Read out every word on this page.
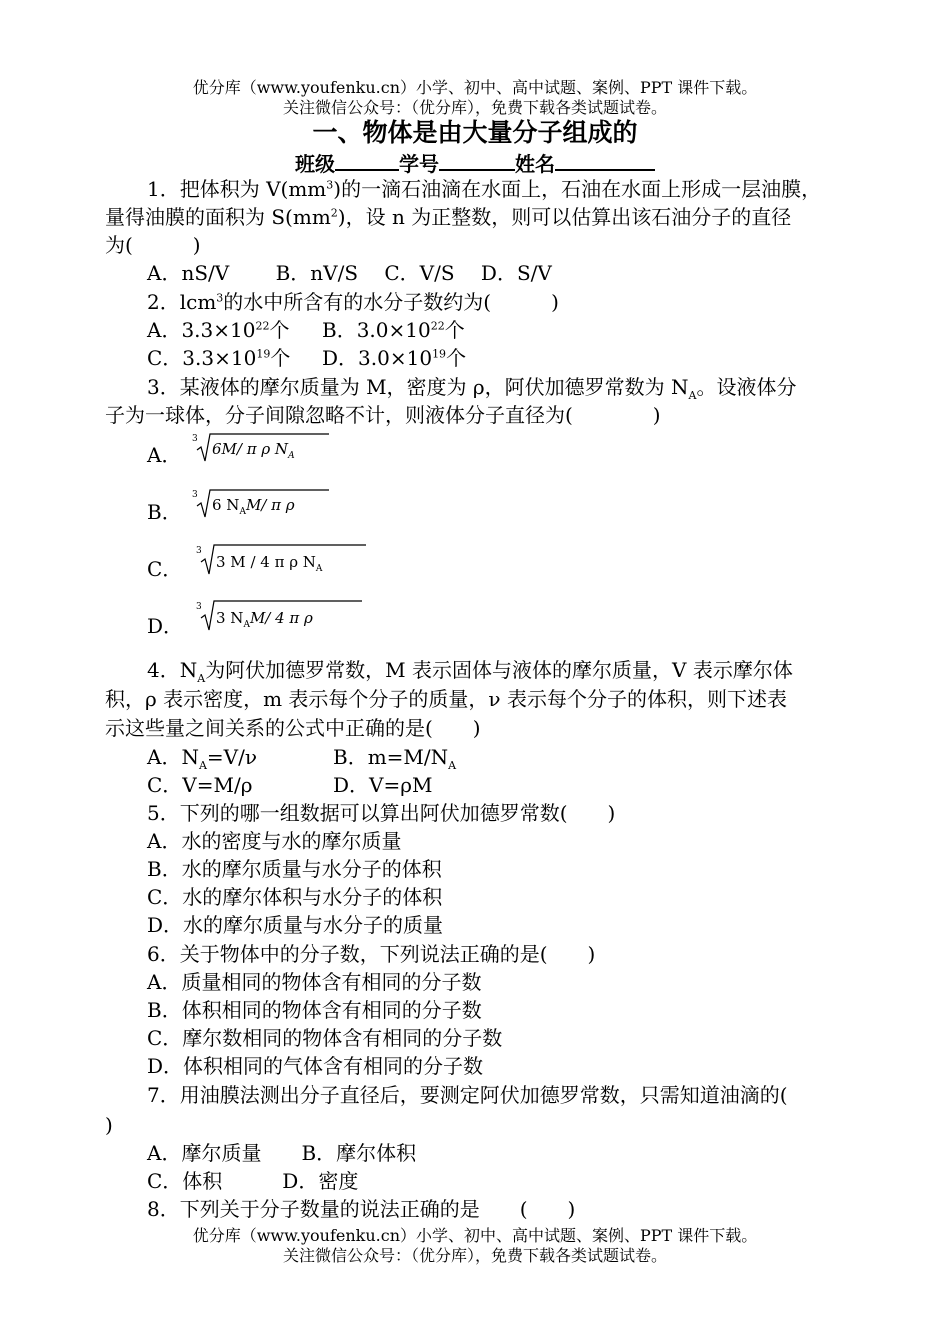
优分库（www.youfenku.cn）小学、初中、高中试题、案例、PPT 课件下载。
关注微信公众号：（优分库），免费下载各类试题试卷。
一、物体是由大量分子组成的
班级	学号	姓名
1．把体积为 $V(mm^3)$的一滴石油滴在水面上，石油在水面上形成一层油膜，
量得油膜的面积为 $S(mm^2)$，设 n 为正整数，则可以估算出该石油分子的直径
为(　　　)
A．nS/V　　 B．nV/S　 C．V/S　 D．S/V
2．lcm$^3$的水中所含有的水分子数约为(　　　)
A．$3.3\times 10^{22}$个 B．$3.0\times 10^{22}$个
C．$3.3\times 10^{19}$个 D．$3.0\times 10^{19}$个
3．某液体的摩尔质量为 M，密度为 ρ，阿伏加德罗常数为 $N_A$。设液体分
子为一球体，分子间隙忽略不计，则液体分子直径为(　　　　)
A．
3
6M/ π ρ $N_A$
B．
3
6 $N_AM/$ π ρ
C．
3
3 M / 4 π ρ $N_A$
D．
3
3 $N_AM/$ 4 π ρ
4．$N_A$为阿伏加德罗常数，M 表示固体与液体的摩尔质量，V 表示摩尔体
积，ρ 表示密度，m 表示每个分子的质量，ν 表示每个分子的体积，则下述表
示这些量之间关系的公式中正确的是(　　)
A．$N_A=V/\nu$	B．$m=M/N_A$
C．V=M/ρ	D．V=ρM
5．下列的哪一组数据可以算出阿伏加德罗常数(　　)
A．水的密度与水的摩尔质量
B．水的摩尔质量与水分子的体积
C．水的摩尔体积与水分子的体积
D．水的摩尔质量与水分子的质量
6．关于物体中的分子数，下列说法正确的是(　　)
A．质量相同的物体含有相同的分子数
B．体积相同的物体含有相同的分子数
C．摩尔数相同的物体含有相同的分子数
D．体积相同的气体含有相同的分子数
7．用油膜法测出分子直径后，要测定阿伏加德罗常数，只需知道油滴的(
)
A．摩尔质量　　B．摩尔体积
C．体积　　　D．密度
8．下列关于分子数量的说法正确的是　　(　　)
优分库（www.youfenku.cn）小学、初中、高中试题、案例、PPT 课件下载。
关注微信公众号：（优分库），免费下载各类试题试卷。
